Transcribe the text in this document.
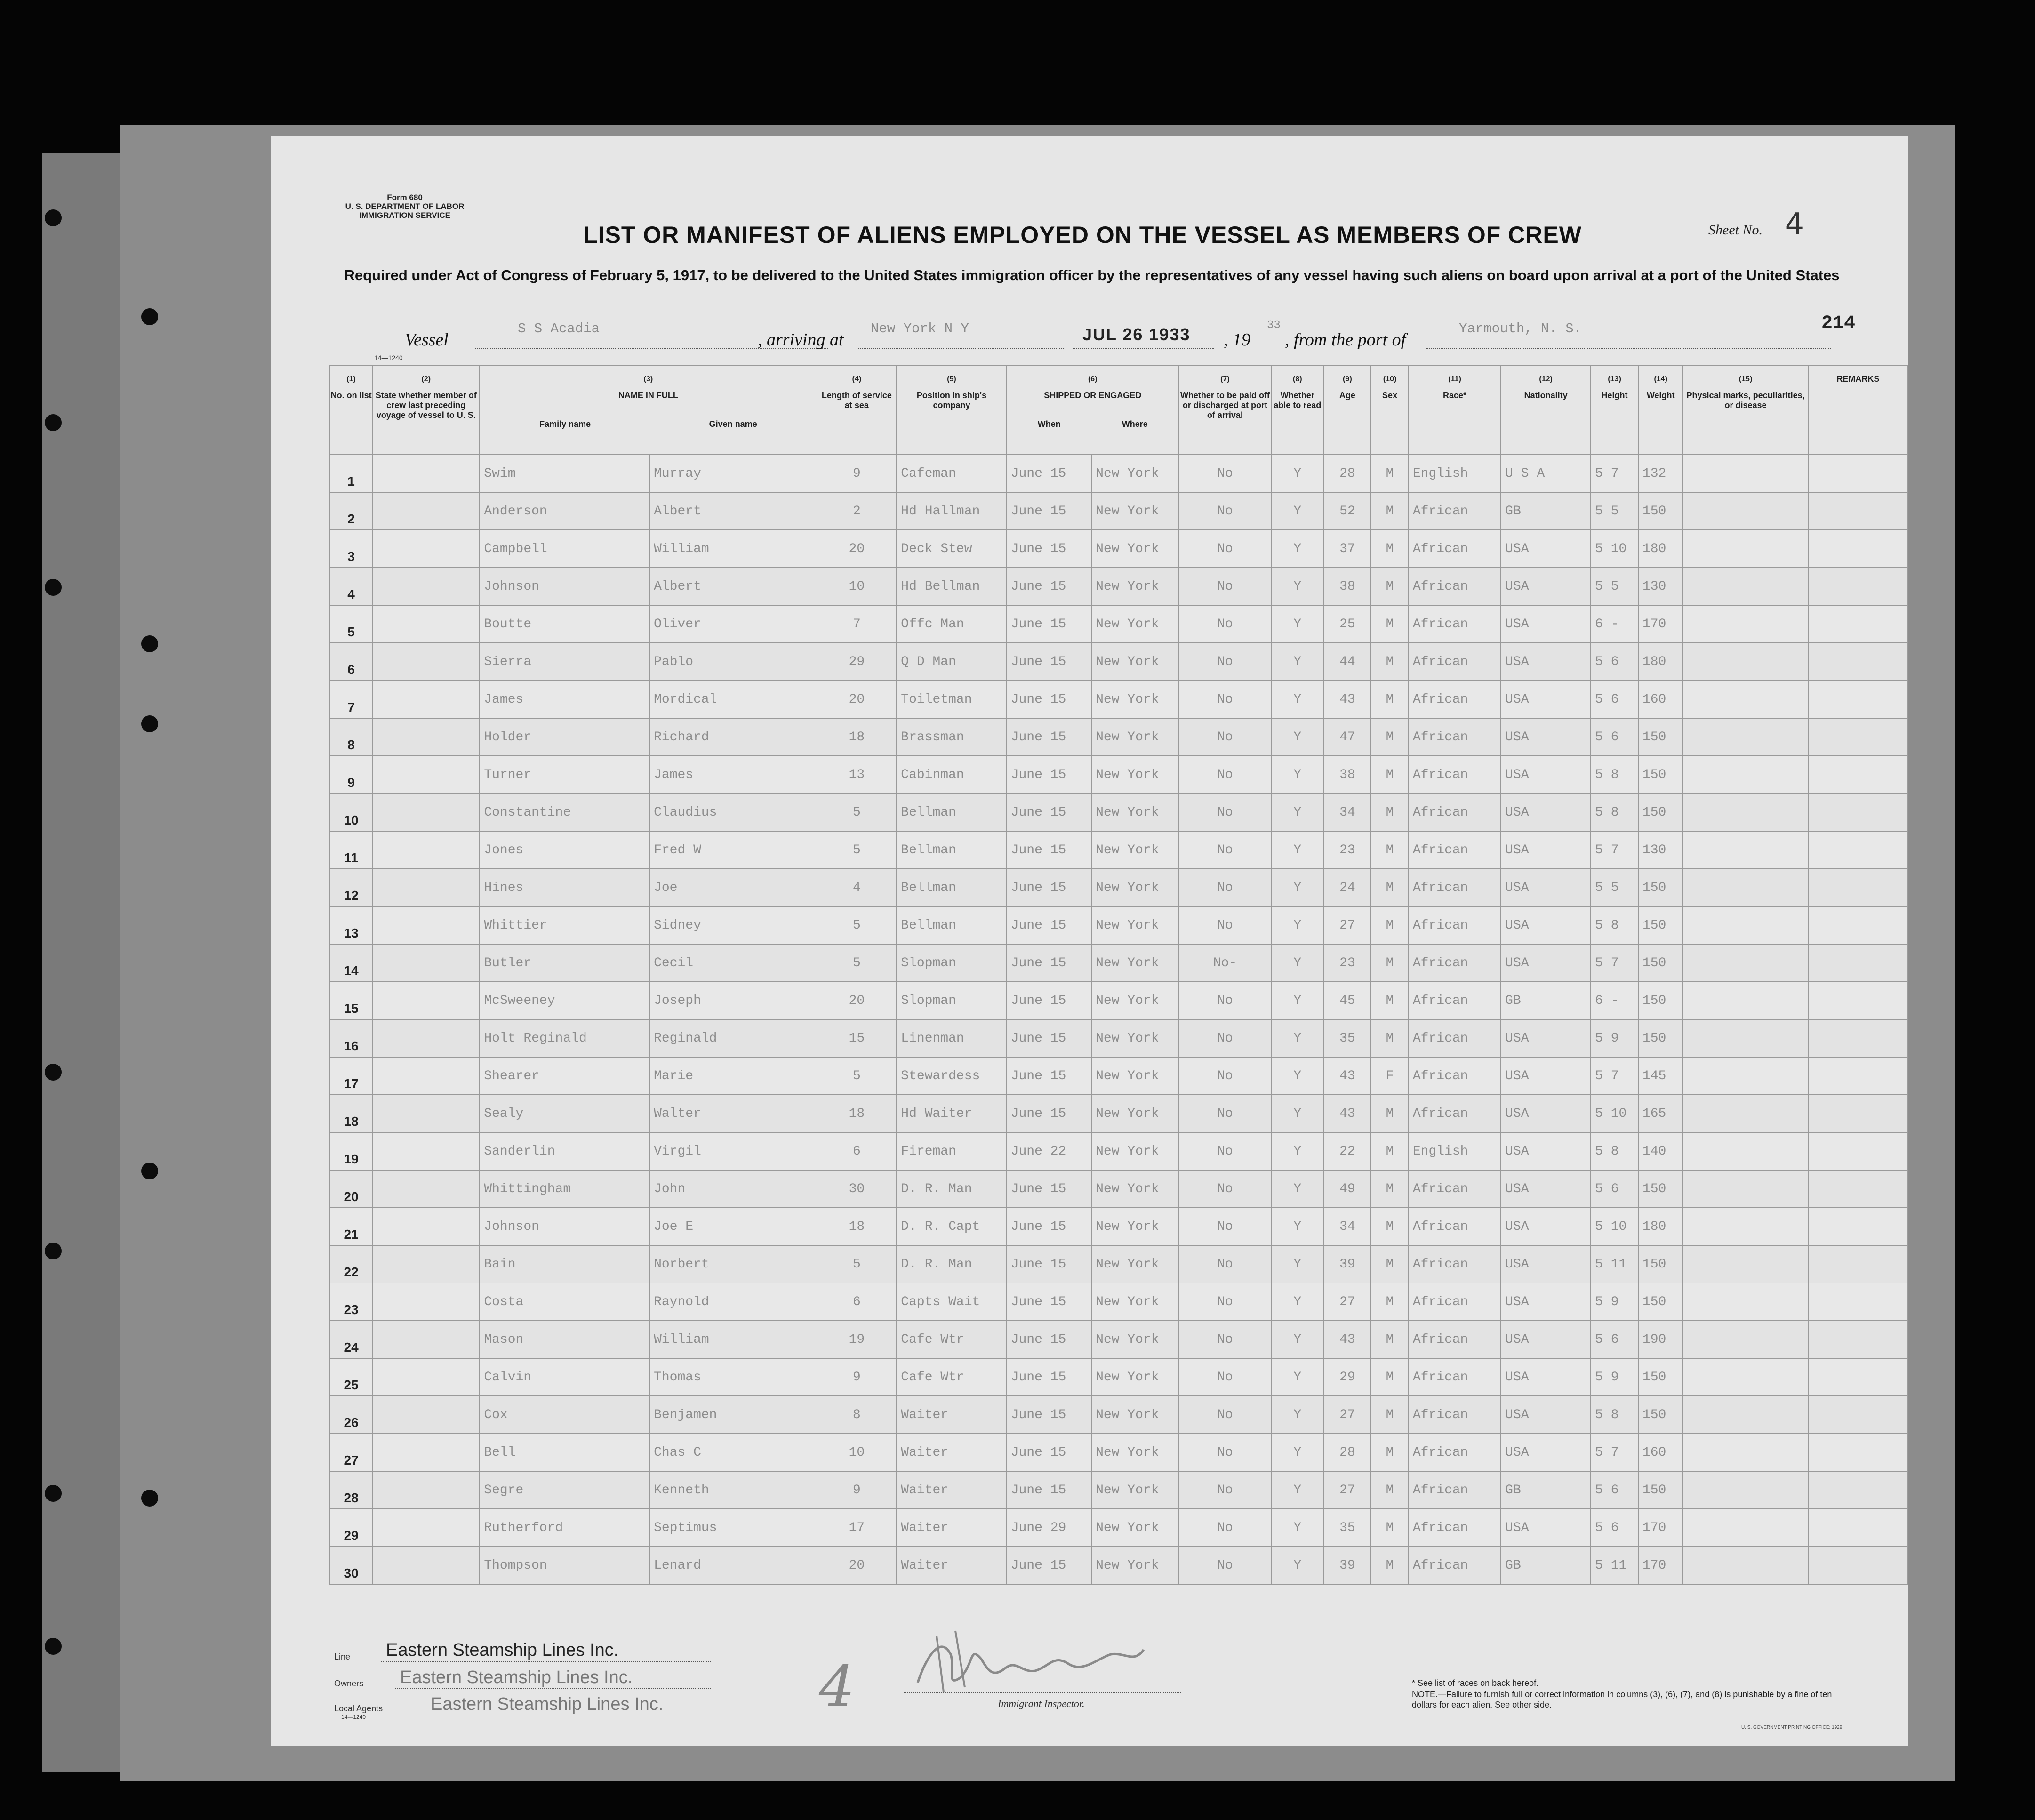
Form 680
U. S. DEPARTMENT OF LABOR
IMMIGRATION SERVICE
Sheet No. 4
LIST OR MANIFEST OF ALIENS EMPLOYED ON THE VESSEL AS MEMBERS OF CREW
Required under Act of Congress of February 5, 1917, to be delivered to the United States immigration officer by the representatives of any vessel having such aliens on board upon arrival at a port of the United States
Vessel
S S Acadia
, arriving at
New York N Y	JUL 26 1933 , 19
33
, from the port of
Yarmouth, N. S.	214
14—1240
(1)
No. on list	(2)
State whether member of crew last preceding voyage of vessel to U. S.	(3)
NAME IN FULL
Family name Given name		(4)
Length of service at sea	(5)
Position in ship's company	(6)
SHIPPED OR ENGAGED
When Where		(7)
Whether to be paid off or discharged at port of arrival	(8)
Whether able to read	(9)
Age	(10)
Sex	(11)
Race*	(12)
Nationality	(13)
Height	(14)
Weight	(15)
Physical marks, peculiarities, or disease	REMARKS
1		Swim	Murray	9	Cafeman	June 15	New York	No	Y	28	M	English	U S A	5 7	132		
2		Anderson	Albert	2	Hd Hallman	June 15	New York	No	Y	52	M	African	GB	5 5	150		
3		Campbell	William	20	Deck Stew	June 15	New York	No	Y	37	M	African	USA	5 10	180		
4		Johnson	Albert	10	Hd Bellman	June 15	New York	No	Y	38	M	African	USA	5 5	130		
5		Boutte	Oliver	7	Offc Man	June 15	New York	No	Y	25	M	African	USA	6 -	170		
6		Sierra	Pablo	29	Q D Man	June 15	New York	No	Y	44	M	African	USA	5 6	180		
7		James	Mordical	20	Toiletman	June 15	New York	No	Y	43	M	African	USA	5 6	160		
8		Holder	Richard	18	Brassman	June 15	New York	No	Y	47	M	African	USA	5 6	150		
9		Turner	James	13	Cabinman	June 15	New York	No	Y	38	M	African	USA	5 8	150		
10		Constantine	Claudius	5	Bellman	June 15	New York	No	Y	34	M	African	USA	5 8	150		
11		Jones	Fred W	5	Bellman	June 15	New York	No	Y	23	M	African	USA	5 7	130		
12		Hines	Joe	4	Bellman	June 15	New York	No	Y	24	M	African	USA	5 5	150		
13		Whittier	Sidney	5	Bellman	June 15	New York	No	Y	27	M	African	USA	5 8	150		
14		Butler	Cecil	5	Slopman	June 15	New York	No-	Y	23	M	African	USA	5 7	150		
15		McSweeney	Joseph	20	Slopman	June 15	New York	No	Y	45	M	African	GB	6 -	150		
16		Holt Reginald	Reginald	15	Linenman	June 15	New York	No	Y	35	M	African	USA	5 9	150		
17		Shearer	Marie	5	Stewardess	June 15	New York	No	Y	43	F	African	USA	5 7	145		
18		Sealy	Walter	18	Hd Waiter	June 15	New York	No	Y	43	M	African	USA	5 10	165		
19		Sanderlin	Virgil	6	Fireman	June 22	New York	No	Y	22	M	English	USA	5 8	140		
20		Whittingham	John	30	D. R. Man	June 15	New York	No	Y	49	M	African	USA	5 6	150		
21		Johnson	Joe E	18	D. R. Capt	June 15	New York	No	Y	34	M	African	USA	5 10	180		
22		Bain	Norbert	5	D. R. Man	June 15	New York	No	Y	39	M	African	USA	5 11	150		
23		Costa	Raynold	6	Capts Wait	June 15	New York	No	Y	27	M	African	USA	5 9	150		
24		Mason	William	19	Cafe Wtr	June 15	New York	No	Y	43	M	African	USA	5 6	190		
25		Calvin	Thomas	9	Cafe Wtr	June 15	New York	No	Y	29	M	African	USA	5 9	150		
26		Cox	Benjamen	8	Waiter	June 15	New York	No	Y	27	M	African	USA	5 8	150		
27		Bell	Chas C	10	Waiter	June 15	New York	No	Y	28	M	African	USA	5 7	160		
28		Segre	Kenneth	9	Waiter	June 15	New York	No	Y	27	M	African	GB	5 6	150		
29		Rutherford	Septimus	17	Waiter	June 29	New York	No	Y	35	M	African	USA	5 6	170		
30		Thompson	Lenard	20	Waiter	June 15	New York	No	Y	39	M	African	GB	5 11	170		
Line Eastern Steamship Lines Inc.
Owners Eastern Steamship Lines Inc.
Local Agents
14—1240
Eastern Steamship Lines Inc.	4	Immigrant Inspector.
* See list of races on back hereof.
NOTE.—Failure to furnish full or correct information in columns (3), (6), (7), and (8) is punishable by a fine of ten dollars for each alien. See other side.
U. S. GOVERNMENT PRINTING OFFICE: 1929
